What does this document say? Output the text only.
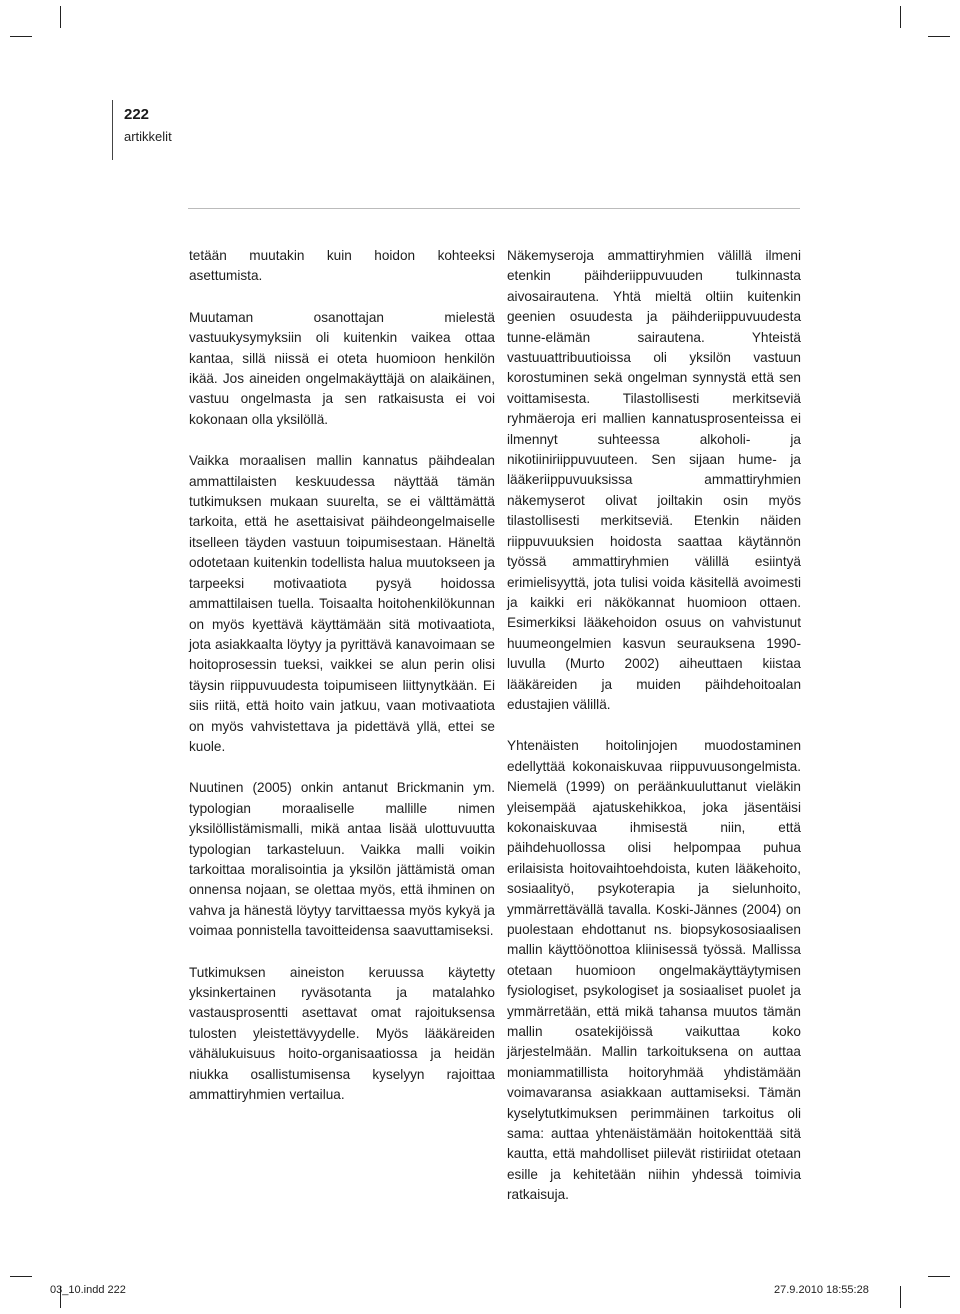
222
artikkelit

tetään muutakin kuin hoidon kohteeksi asettumista.

Muutaman osanottajan mielestä vastuukysymyksiin oli kuitenkin vaikea ottaa kantaa, sillä niissä ei oteta huomioon henkilön ikää. Jos aineiden ongelmakäyttäjä on alaikäinen, vastuu ongelmasta ja sen ratkaisusta ei voi kokonaan olla yksilöllä.

Vaikka moraalisen mallin kannatus päihdealan ammattilaisten keskuudessa näyttää tämän tutkimuksen mukaan suurelta, se ei välttämättä tarkoita, että he asettaisivat päihdeongelmaiselle itselleen täyden vastuun toipumisestaan. Häneltä odotetaan kuitenkin todellista halua muutokseen ja tarpeeksi motivaatiota pysyä hoidossa ammattilaisen tuella. Toisaalta hoitohenkilökunnan on myös kyettävä käyttämään sitä motivaatiota, jota asiakkaalta löytyy ja pyrittävä kanavoimaan se hoitoprosessin tueksi, vaikkei se alun perin olisi täysin riippuvuudesta toipumiseen liittynytkään. Ei siis riitä, että hoito vain jatkuu, vaan motivaatiota on myös vahvistettava ja pidettävä yllä, ettei se kuole.

Nuutinen (2005) onkin antanut Brickmanin ym. typologian moraaliselle mallille nimen yksilöllistämismalli, mikä antaa lisää ulottuvuutta typologian tarkasteluun. Vaikka malli voikin tarkoittaa moralisointia ja yksilön jättämistä oman onnensa nojaan, se olettaa myös, että ihminen on vahva ja hänestä löytyy tarvittaessa myös kykyä ja voimaa ponnistella tavoitteidensa saavuttamiseksi.

Tutkimuksen aineiston keruussa käytetty yksinkertainen ryväsotanta ja matalahko vastausprosentti asettavat omat rajoituksensa tulosten yleistettävyydelle. Myös lääkäreiden vähälukuisuus hoito-organisaatiossa ja heidän niukka osallistumisensa kyselyyn rajoittaa ammattiryhmien vertailua.

Näkemyseroja ammattiryhmien välillä ilmeni etenkin päihderiippuvuuden tulkinnasta aivosairautena. Yhtä mieltä oltiin kuitenkin geenien osuudesta ja päihderiippuvuudesta tunne-elämän sairautena. Yhteistä vastuuattribuutioissa oli yksilön vastuun korostuminen sekä ongelman synnystä että sen voittamisesta. Tilastollisesti merkitseviä ryhmäeroja eri mallien kannatusprosenteissa ei ilmennyt suhteessa alkoholi- ja nikotiiniriippuvuuteen. Sen sijaan hume- ja lääkeriippuvuuksissa ammattiryhmien näkemyserot olivat joiltakin osin myös tilastollisesti merkitseviä. Etenkin näiden riippuvuuksien hoidosta saattaa käytännön työssä ammattiryhmien välillä esiintyä erimielisyyttä, jota tulisi voida käsitellä avoimesti ja kaikki eri näkökannat huomioon ottaen. Esimerkiksi lääkehoidon osuus on vahvistunut huumeongelmien kasvun seurauksena 1990-luvulla (Murto 2002) aiheuttaen kiistaa lääkäreiden ja muiden päihdehoitoalan edustajien välillä.

Yhtenäisten hoitolinjojen muodostaminen edellyttää kokonaiskuvaa riippuvuusongelmista. Niemelä (1999) on peräänkuuluttanut vieläkin yleisempää ajatuskehikkoa, joka jäsentäisi kokonaiskuvaa ihmisestä niin, että päihdehuollossa olisi helpompaa puhua erilaisista hoitovaihtoehdoista, kuten lääkehoito, sosiaalityö, psykoterapia ja sielunhoito, ymmärrettävällä tavalla. Koski-Jännes (2004) on puolestaan ehdottanut ns. biopsykososiaalisen mallin käyttöönottoa kliinisessä työssä. Mallissa otetaan huomioon ongelmakäyttäytymisen fysiologiset, psykologiset ja sosiaaliset puolet ja ymmärretään, että mikä tahansa muutos tämän mallin osatekijöissä vaikuttaa koko järjestelmään. Mallin tarkoituksena on auttaa moniammatillista hoitoryhmää yhdistämään voimavaransa asiakkaan auttamiseksi. Tämän kyselytutkimuksen perimmäinen tarkoitus oli sama: auttaa yhtenäistämään hoitokenttää sitä kautta, että mahdolliset piilevät ristiriidat otetaan esille ja kehitetään niihin yhdessä toimivia ratkaisuja.

03_10.indd 222	27.9.2010 18:55:28
